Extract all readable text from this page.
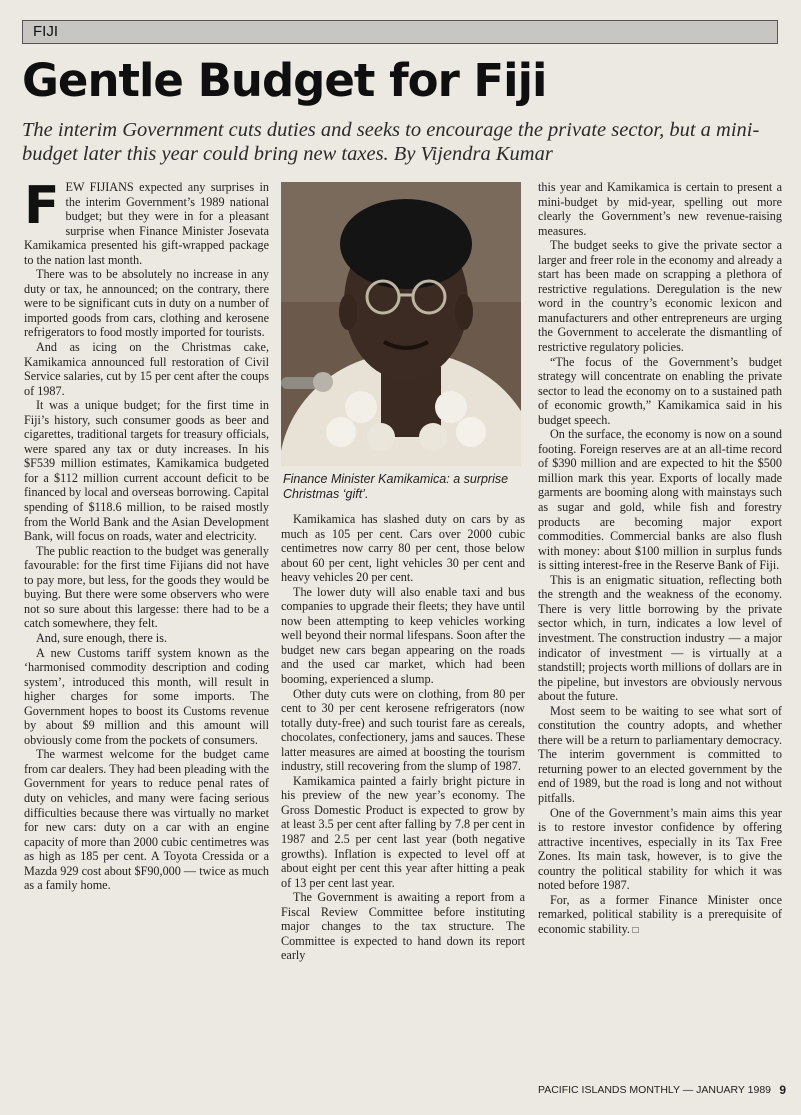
FIJI
Gentle Budget for Fiji

The interim Government cuts duties and seeks to encourage the private sector, but a mini-budget later this year could bring new taxes. By Vijendra Kumar

FEW FIJIANS expected any surprises in the interim Government’s 1989 national budget; but they were in for a pleasant surprise when Finance Minister Josevata Kamikamica presented his gift-wrapped package to the nation last month.

There was to be absolutely no increase in any duty or tax, he announced; on the contrary, there were to be significant cuts in duty on a number of imported goods from cars, clothing and kerosene refrigerators to food mostly imported for tourists.

And as icing on the Christmas cake, Kamikamica announced full restoration of Civil Service salaries, cut by 15 per cent after the coups of 1987.

It was a unique budget; for the first time in Fiji’s history, such consumer goods as beer and cigarettes, traditional targets for treasury officials, were spared any tax or duty increases. In his $F539 million estimates, Kamikamica budgeted for a $112 million current account deficit to be financed by local and overseas borrowing. Capital spending of $118.6 million, to be raised mostly from the World Bank and the Asian Development Bank, will focus on roads, water and electricity.

The public reaction to the budget was generally favourable: for the first time Fijians did not have to pay more, but less, for the goods they would be buying. But there were some observers who were not so sure about this largesse: there had to be a catch somewhere, they felt.

And, sure enough, there is.

A new Customs tariff system known as the ‘harmonised commodity description and coding system’, introduced this month, will result in higher charges for some imports. The Government hopes to boost its Customs revenue by about $9 million and this amount will obviously come from the pockets of consumers.

The warmest welcome for the budget came from car dealers. They had been pleading with the Government for years to reduce penal rates of duty on vehicles, and many were facing serious difficulties because there was virtually no market for new cars: duty on a car with an engine capacity of more than 2000 cubic centimetres was as high as 185 per cent. A Toyota Cressida or a Mazda 929 cost about $F90,000 — twice as much as a family home.

Finance Minister Kamikamica: a surprise Christmas ‘gift’.

Kamikamica has slashed duty on cars by as much as 105 per cent. Cars over 2000 cubic centimetres now carry 80 per cent, those below about 60 per cent, light vehicles 30 per cent and heavy vehicles 20 per cent.

The lower duty will also enable taxi and bus companies to upgrade their fleets; they have until now been attempting to keep vehicles working well beyond their normal lifespans. Soon after the budget new cars began appearing on the roads and the used car market, which had been booming, experienced a slump.

Other duty cuts were on clothing, from 80 per cent to 30 per cent kerosene refrigerators (now totally duty-free) and such tourist fare as cereals, chocolates, confectionery, jams and sauces. These latter measures are aimed at boosting the tourism industry, still recovering from the slump of 1987.

Kamikamica painted a fairly bright picture in his preview of the new year’s economy. The Gross Domestic Product is expected to grow by at least 3.5 per cent after falling by 7.8 per cent in 1987 and 2.5 per cent last year (both negative growths). Inflation is expected to level off at about eight per cent this year after hitting a peak of 13 per cent last year.

The Government is awaiting a report from a Fiscal Review Committee before instituting major changes to the tax structure. The Committee is expected to hand down its report early

this year and Kamikamica is certain to present a mini-budget by mid-year, spelling out more clearly the Government’s new revenue-raising measures.

The budget seeks to give the private sector a larger and freer role in the economy and already a start has been made on scrapping a plethora of restrictive regulations. Deregulation is the new word in the country’s economic lexicon and manufacturers and other entrepreneurs are urging the Government to accelerate the dismantling of restrictive regulatory policies.

“The focus of the Government’s budget strategy will concentrate on enabling the private sector to lead the economy on to a sustained path of economic growth,” Kamikamica said in his budget speech.

On the surface, the economy is now on a sound footing. Foreign reserves are at an all-time record of $390 million and are expected to hit the $500 million mark this year. Exports of locally made garments are booming along with mainstays such as sugar and gold, while fish and forestry products are becoming major export commodities. Commercial banks are also flush with money: about $100 million in surplus funds is sitting interest-free in the Reserve Bank of Fiji.

This is an enigmatic situation, reflecting both the strength and the weakness of the economy. There is very little borrowing by the private sector which, in turn, indicates a low level of investment. The construction industry — a major indicator of investment — is virtually at a standstill; projects worth millions of dollars are in the pipeline, but investors are obviously nervous about the future.

Most seem to be waiting to see what sort of constitution the country adopts, and whether there will be a return to parliamentary democracy. The interim government is committed to returning power to an elected government by the end of 1989, but the road is long and not without pitfalls.

One of the Government’s main aims this year is to restore investor confidence by offering attractive incentives, especially in its Tax Free Zones. Its main task, however, is to give the country the political stability for which it was noted before 1987.

For, as a former Finance Minister once remarked, political stability is a prerequisite of economic stability. □

PACIFIC ISLANDS MONTHLY — JANUARY 1989 9
